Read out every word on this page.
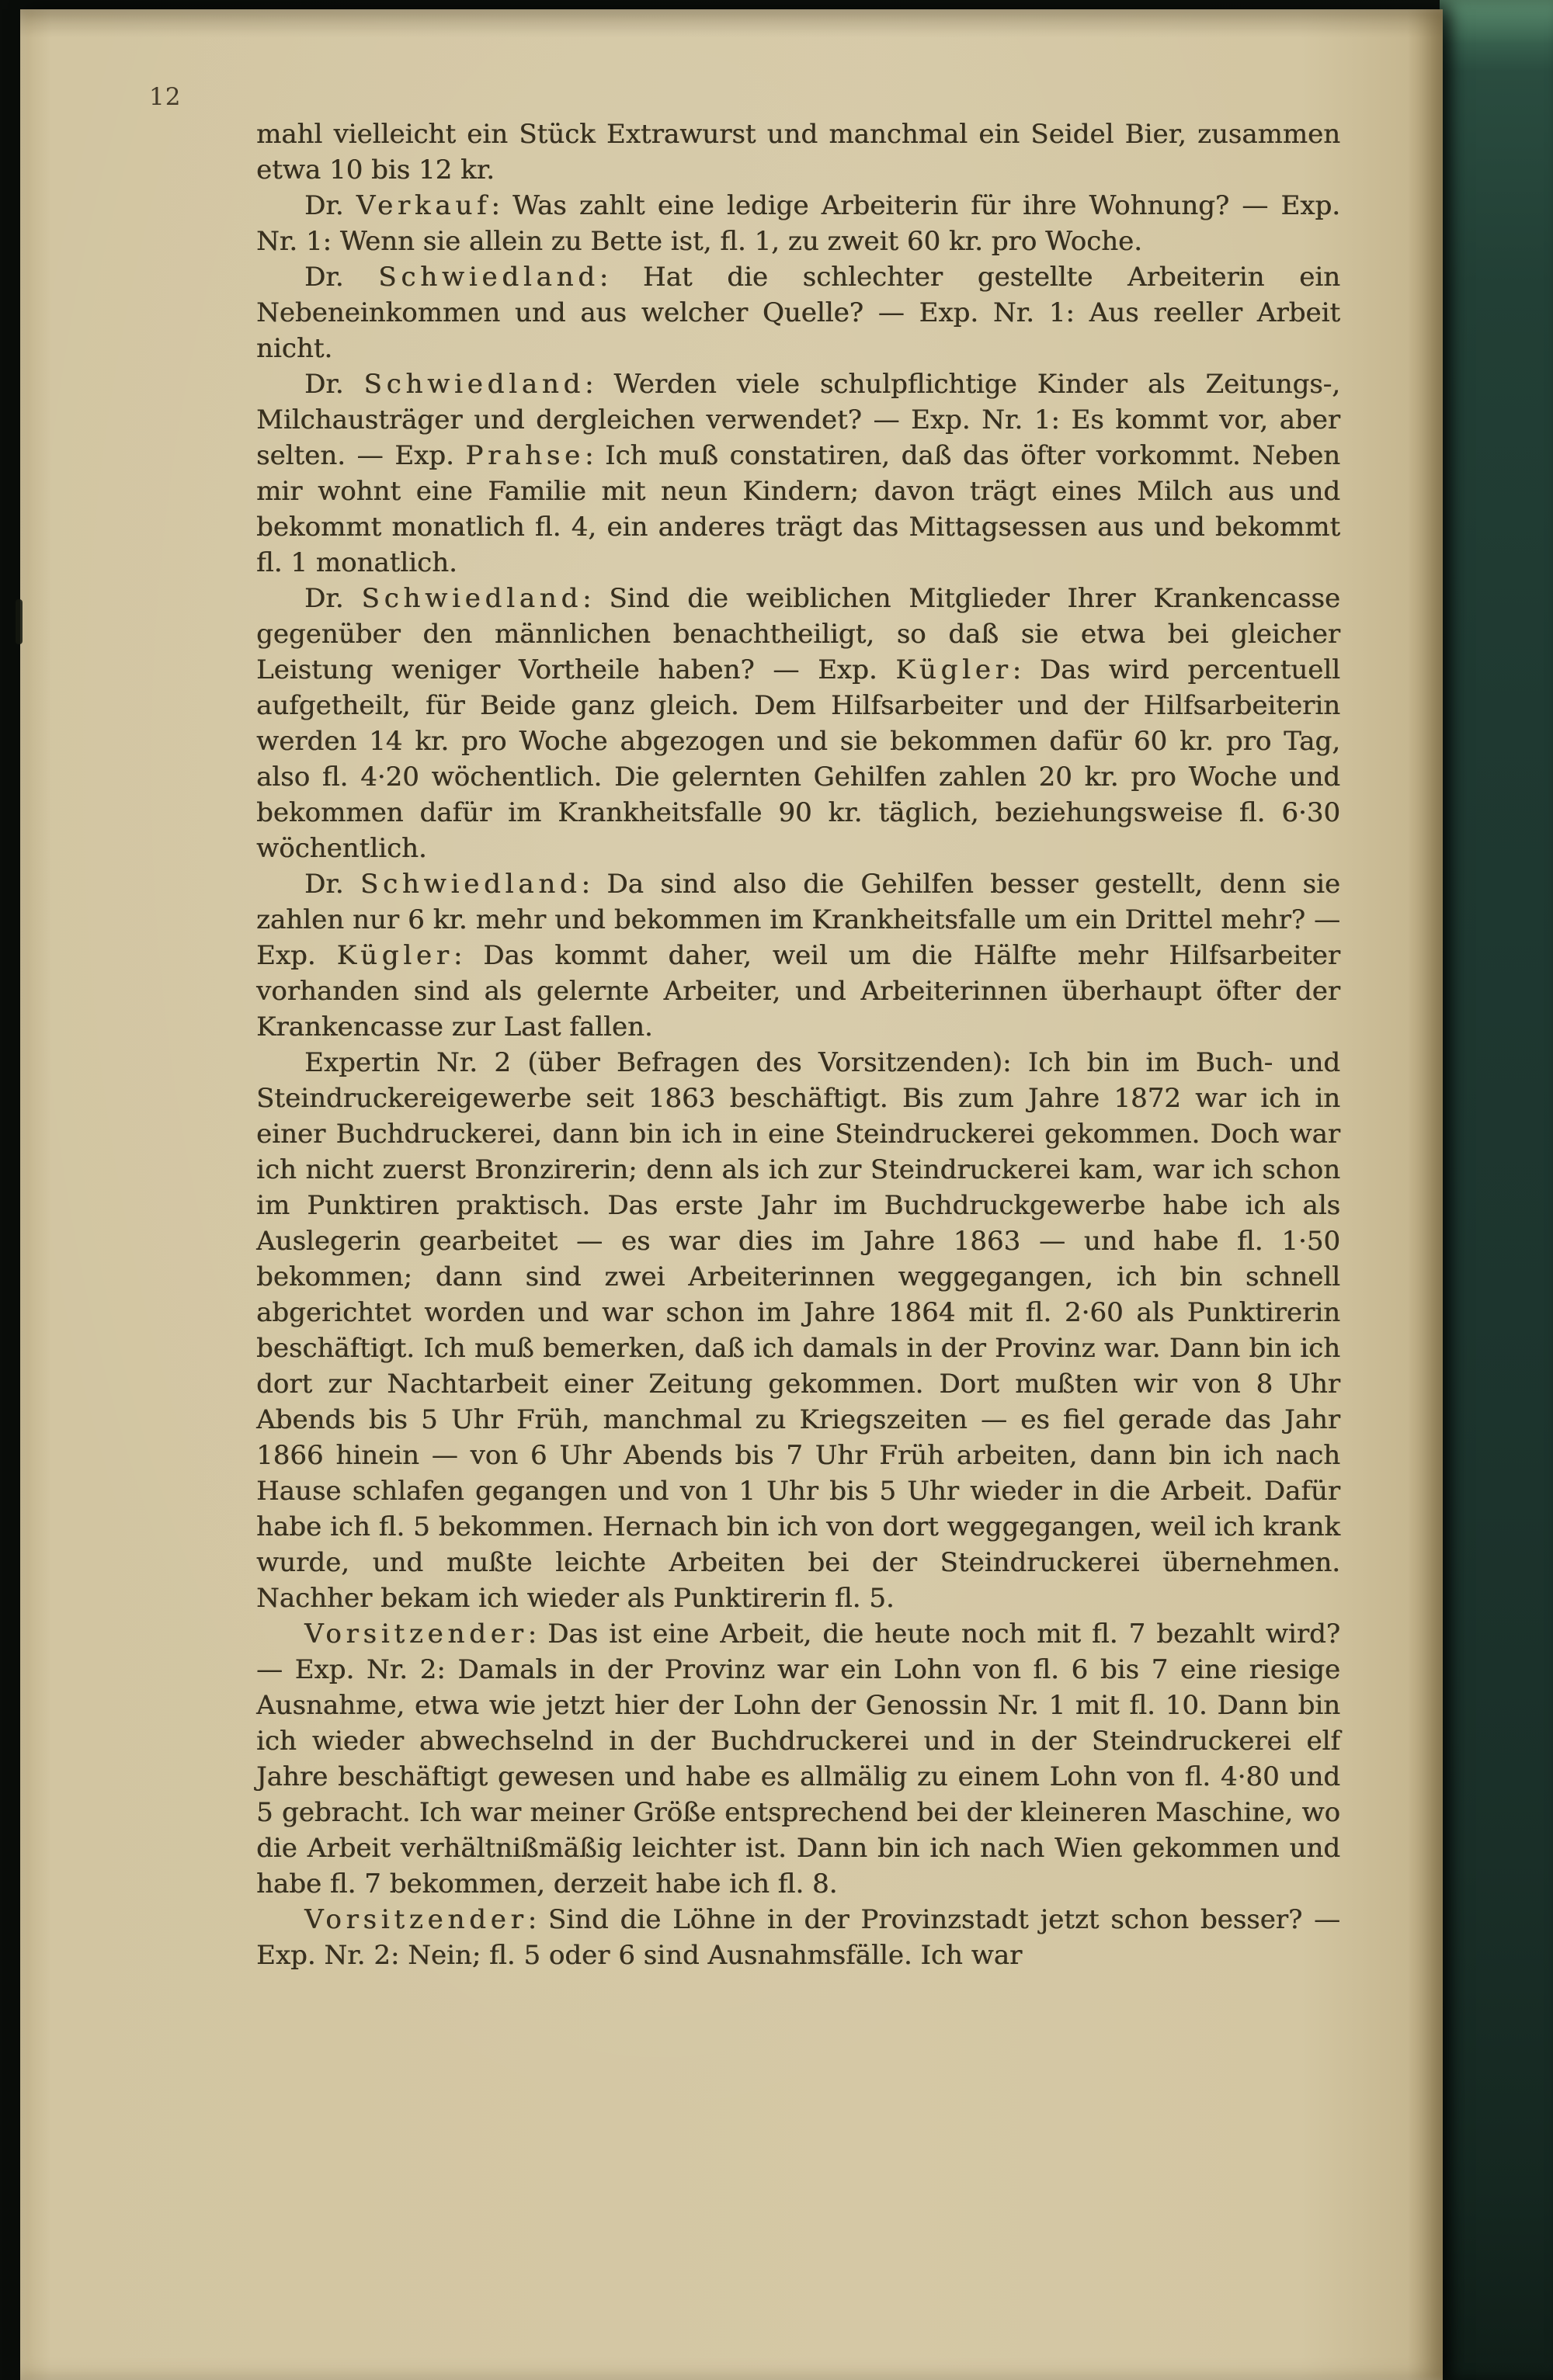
12

mahl vielleicht ein Stück Extrawurst und manchmal ein Seidel Bier, zusammen etwa 10 bis 12 kr.

Dr. Verkauf: Was zahlt eine ledige Arbeiterin für ihre Wohnung? — Exp. Nr. 1: Wenn sie allein zu Bette ist, fl. 1, zu zweit 60 kr. pro Woche.

Dr. Schwiedland: Hat die schlechter gestellte Arbeiterin ein Nebeneinkommen und aus welcher Quelle? — Exp. Nr. 1: Aus reeller Arbeit nicht.

Dr. Schwiedland: Werden viele schulpflichtige Kinder als Zeitungs-, Milchausträger und dergleichen verwendet? — Exp. Nr. 1: Es kommt vor, aber selten. — Exp. Prahse: Ich muß constatiren, daß das öfter vorkommt. Neben mir wohnt eine Familie mit neun Kindern; davon trägt eines Milch aus und bekommt monatlich fl. 4, ein anderes trägt das Mittagsessen aus und bekommt fl. 1 monatlich.

Dr. Schwiedland: Sind die weiblichen Mitglieder Ihrer Krankencasse gegenüber den männlichen benachtheiligt, so daß sie etwa bei gleicher Leistung weniger Vortheile haben? — Exp. Kügler: Das wird percentuell aufgetheilt, für Beide ganz gleich. Dem Hilfsarbeiter und der Hilfsarbeiterin werden 14 kr. pro Woche abgezogen und sie bekommen dafür 60 kr. pro Tag, also fl. 4·20 wöchentlich. Die gelernten Gehilfen zahlen 20 kr. pro Woche und bekommen dafür im Krankheitsfalle 90 kr. täglich, beziehungsweise fl. 6·30 wöchentlich.

Dr. Schwiedland: Da sind also die Gehilfen besser gestellt, denn sie zahlen nur 6 kr. mehr und bekommen im Krankheitsfalle um ein Drittel mehr? — Exp. Kügler: Das kommt daher, weil um die Hälfte mehr Hilfsarbeiter vorhanden sind als gelernte Arbeiter, und Arbeiterinnen überhaupt öfter der Krankencasse zur Last fallen.

Expertin Nr. 2 (über Befragen des Vorsitzenden): Ich bin im Buch- und Steindruckereigewerbe seit 1863 beschäftigt. Bis zum Jahre 1872 war ich in einer Buchdruckerei, dann bin ich in eine Steindruckerei gekommen. Doch war ich nicht zuerst Bronzirerin; denn als ich zur Steindruckerei kam, war ich schon im Punktiren praktisch. Das erste Jahr im Buchdruckgewerbe habe ich als Auslegerin gearbeitet — es war dies im Jahre 1863 — und habe fl. 1·50 bekommen; dann sind zwei Arbeiterinnen weggegangen, ich bin schnell abgerichtet worden und war schon im Jahre 1864 mit fl. 2·60 als Punktirerin beschäftigt. Ich muß bemerken, daß ich damals in der Provinz war. Dann bin ich dort zur Nachtarbeit einer Zeitung gekommen. Dort mußten wir von 8 Uhr Abends bis 5 Uhr Früh, manchmal zu Kriegszeiten — es fiel gerade das Jahr 1866 hinein — von 6 Uhr Abends bis 7 Uhr Früh arbeiten, dann bin ich nach Hause schlafen gegangen und von 1 Uhr bis 5 Uhr wieder in die Arbeit. Dafür habe ich fl. 5 bekommen. Hernach bin ich von dort weggegangen, weil ich krank wurde, und mußte leichte Arbeiten bei der Steindruckerei übernehmen. Nachher bekam ich wieder als Punktirerin fl. 5.

Vorsitzender: Das ist eine Arbeit, die heute noch mit fl. 7 bezahlt wird? — Exp. Nr. 2: Damals in der Provinz war ein Lohn von fl. 6 bis 7 eine riesige Ausnahme, etwa wie jetzt hier der Lohn der Genossin Nr. 1 mit fl. 10. Dann bin ich wieder abwechselnd in der Buchdruckerei und in der Steindruckerei elf Jahre beschäftigt gewesen und habe es allmälig zu einem Lohn von fl. 4·80 und 5 gebracht. Ich war meiner Größe entsprechend bei der kleineren Maschine, wo die Arbeit verhältnißmäßig leichter ist. Dann bin ich nach Wien gekommen und habe fl. 7 bekommen, derzeit habe ich fl. 8.

Vorsitzender: Sind die Löhne in der Provinzstadt jetzt schon besser? — Exp. Nr. 2: Nein; fl. 5 oder 6 sind Ausnahmsfälle. Ich war
